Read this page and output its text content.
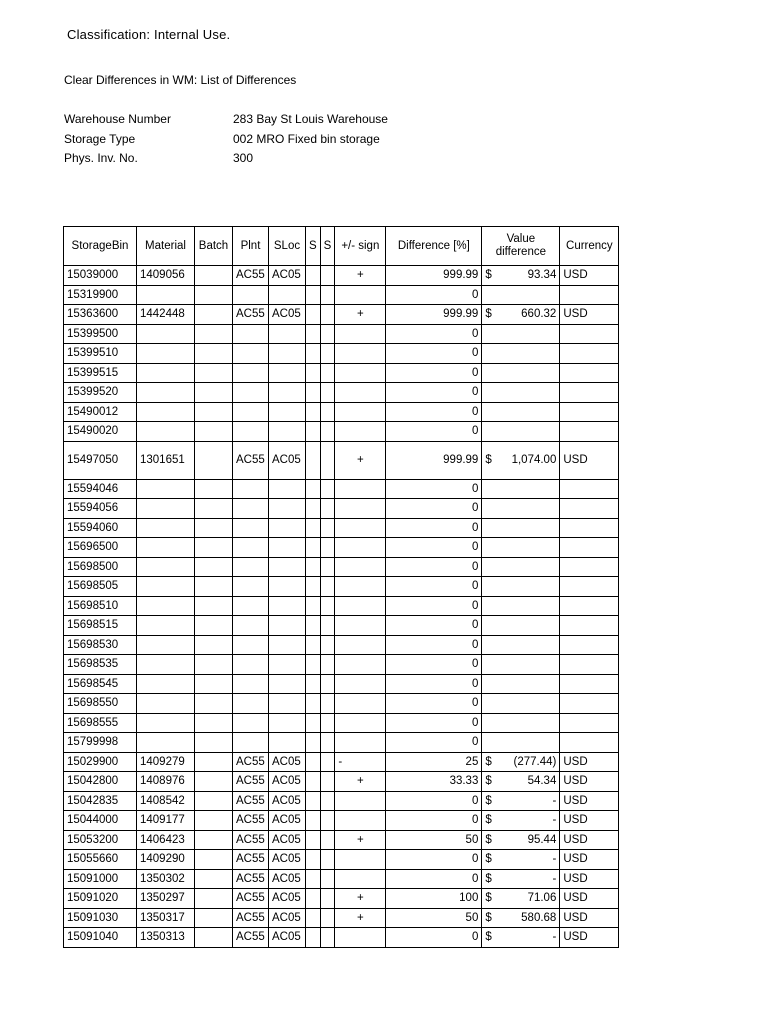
Classification: Internal Use.
Clear Differences in WM: List of Differences
Warehouse Number	283 Bay St Louis Warehouse
Storage Type	002 MRO Fixed bin storage
Phys. Inv. No.	300
StorageBin	Material	Batch	Plnt	SLoc	S	S	+/- sign	Difference [%]	Value difference	Currency
15039000	1409056		AC55	AC05			+	999.99	$ 93.34	USD
15319900								0		
15363600	1442448		AC55	AC05			+	999.99	$ 660.32	USD
15399500								0		
15399510								0		
15399515								0		
15399520								0		
15490012								0		
15490020								0		
15497050	1301651		AC55	AC05			+	999.99	$ 1,074.00	USD
15594046								0		
15594056								0		
15594060								0		
15696500								0		
15698500								0		
15698505								0		
15698510								0		
15698515								0		
15698530								0		
15698535								0		
15698545								0		
15698550								0		
15698555								0		
15799998								0		
15029900	1409279		AC55	AC05			-	25	$ (277.44)	USD
15042800	1408976		AC55	AC05			+	33.33	$ 54.34	USD
15042835	1408542		AC55	AC05				0	$ -	USD
15044000	1409177		AC55	AC05				0	$ -	USD
15053200	1406423		AC55	AC05			+	50	$ 95.44	USD
15055660	1409290		AC55	AC05				0	$ -	USD
15091000	1350302		AC55	AC05				0	$ -	USD
15091020	1350297		AC55	AC05			+	100	$ 71.06	USD
15091030	1350317		AC55	AC05			+	50	$ 580.68	USD
15091040	1350313		AC55	AC05				0	$ -	USD
